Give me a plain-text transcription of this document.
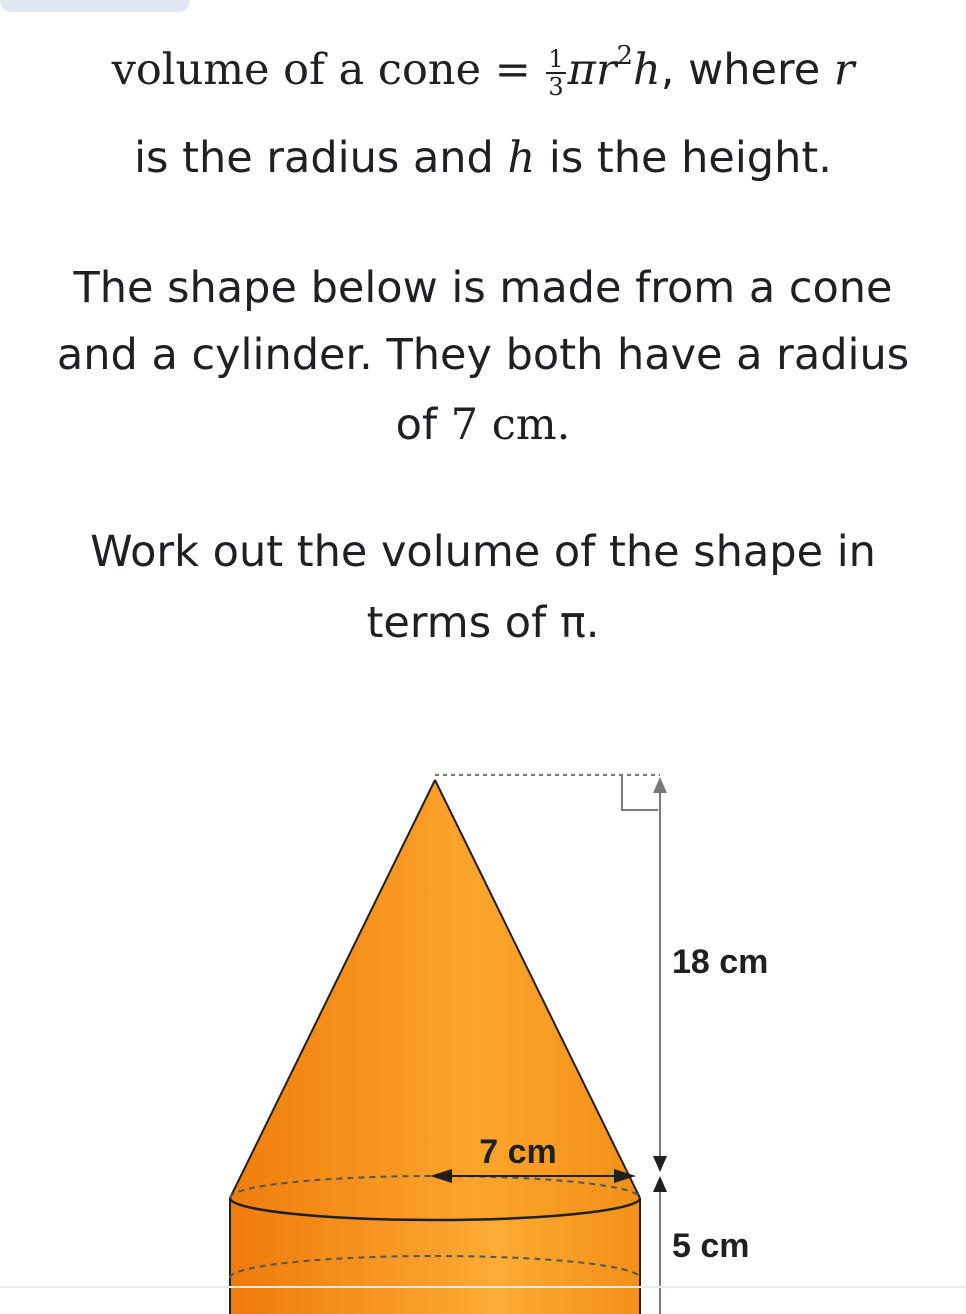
volume of a cone = $\frac{1}{3} \pi r^2h$, where r
is the radius and h is the height.
The shape below is made from a cone
and a cylinder. They both have a radius
of 7 cm.
Work out the volume of the shape in
terms of π.
7 cm
18 cm
5 cm
